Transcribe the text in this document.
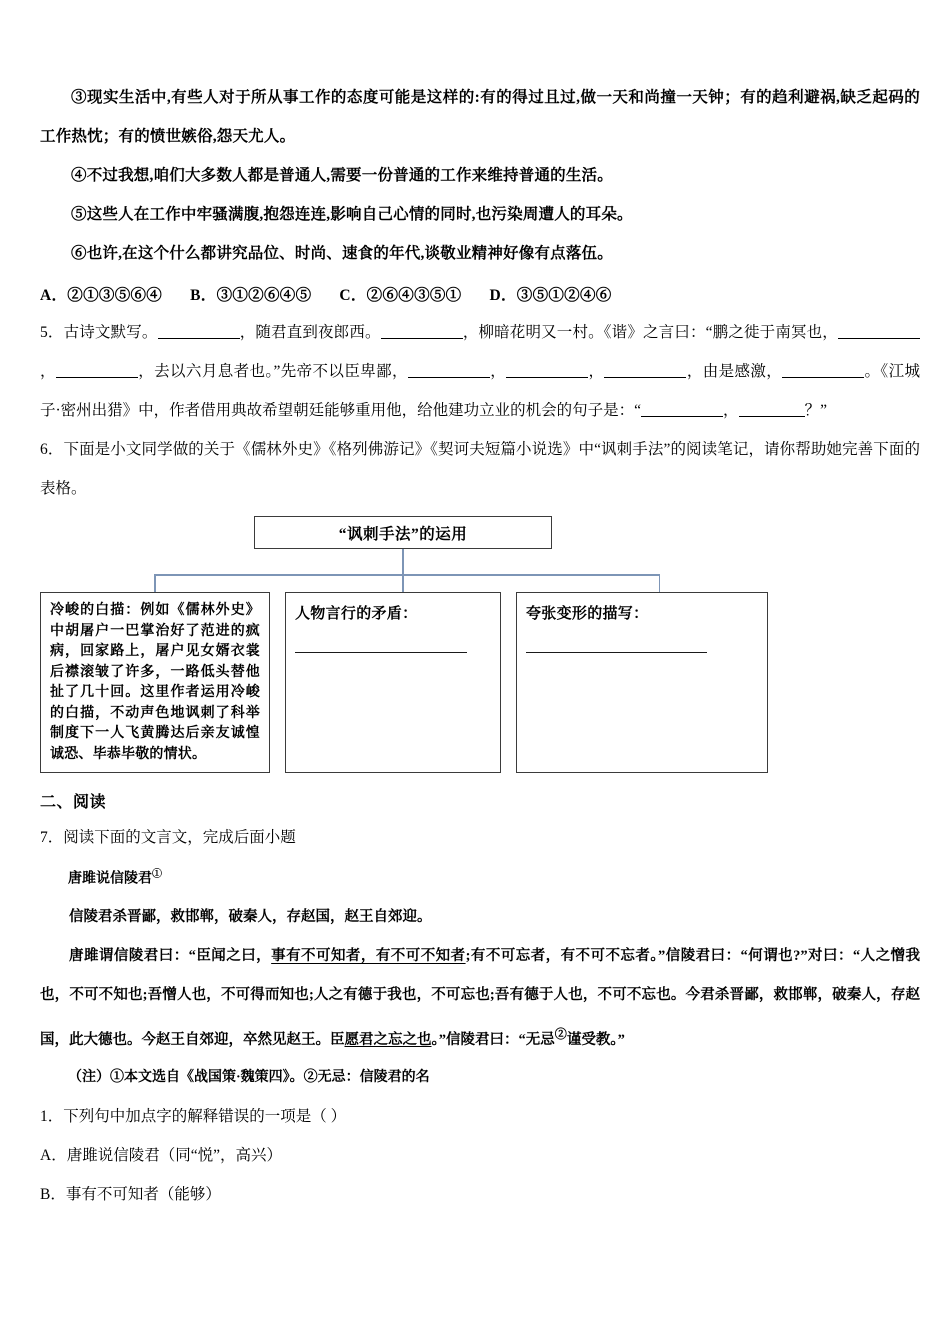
③现实生活中,有些人对于所从事工作的态度可能是这样的:有的得过且过,做一天和尚撞一天钟；有的趋利避祸,缺乏起码的工作热忱；有的愤世嫉俗,怨天尤人。

④不过我想,咱们大多数人都是普通人,需要一份普通的工作来维持普通的生活。

⑤这些人在工作中牢骚满腹,抱怨连连,影响自己心情的同时,也污染周遭人的耳朵。

⑥也许,在这个什么都讲究品位、时尚、速食的年代,谈敬业精神好像有点落伍。

A．②①③⑤⑥④ B．③①②⑥④⑤ C．②⑥④③⑤① D．③⑤①②④⑥

5．古诗文默写。	，随君直到夜郎西。	，柳暗花明又一村。《谐》之言曰：“鹏之徙于南冥也，，	，去以六月息者也。”先帝不以臣卑鄙，	，	，	，由是感激，	。《江城子·密州出猎》中，作者借用典故希望朝廷能够重用他，给他建功立业的机会的句子是：“	，	？”

6．下面是小文同学做的关于《儒林外史》《格列佛游记》《契诃夫短篇小说选》中“讽刺手法”的阅读笔记，请你帮助她完善下面的表格。

“讽刺手法”的运用
冷峻的白描：例如《儒林外史》中胡屠户一巴掌治好了范进的疯病，回家路上，屠户见女婿衣裳后襟滚皱了许多，一路低头替他扯了几十回。这里作者运用冷峻的白描，不动声色地讽刺了科举制度下一人飞黄腾达后亲友诚惶诚恐、毕恭毕敬的情状。
人物言行的矛盾：	夸张变形的描写：
二、阅读

7．阅读下面的文言文，完成后面小题

唐雎说信陵君①

信陵君杀晋鄙，救邯郸，破秦人，存赵国，赵王自郊迎。

唐雎谓信陵君曰：“臣闻之曰，事有不可知者，有不可不知者;有不可忘者，有不可不忘者。”信陵君曰：“何谓也?”对曰：“人之憎我也，不可不知也;吾憎人也，不可得而知也;人之有德于我也，不可忘也;吾有德于人也，不可不忘也。今君杀晋鄙，救邯郸，破秦人，存赵国，此大德也。今赵王自郊迎，卒然见赵王。臣愿君之忘之也。”信陵君曰：“无忌②谨受教。”

（注）①本文选自《战国策·魏策四》。②无忌：信陵君的名

1．下列句中加点字的解释错误的一项是（ ）

A．唐雎说信陵君（同“悦”，高兴）

B．事有不可知者（能够）
